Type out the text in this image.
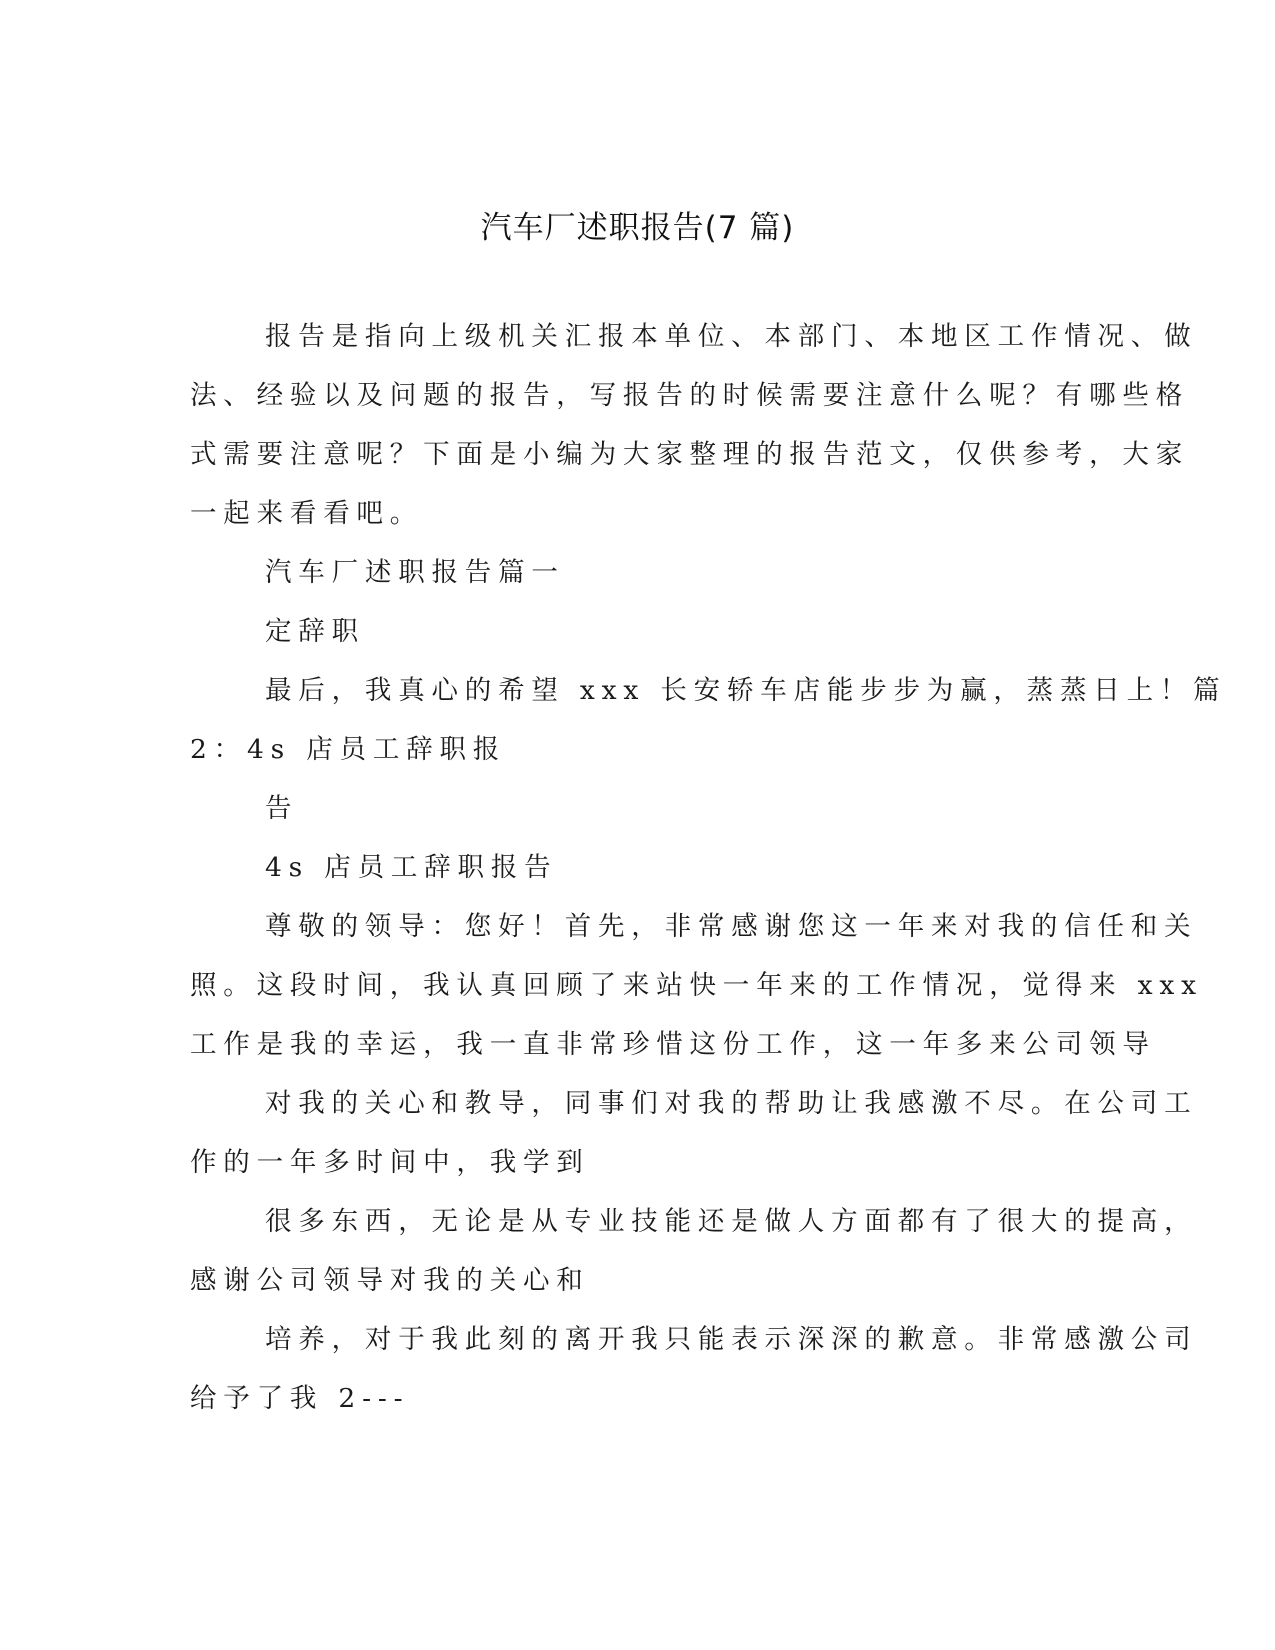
汽车厂述职报告(7 篇)
报告是指向上级机关汇报本单位、本部门、本地区工作情况、做
法、经验以及问题的报告，写报告的时候需要注意什么呢？有哪些格
式需要注意呢？下面是小编为大家整理的报告范文，仅供参考，大家
一起来看看吧。
汽车厂述职报告篇一
定辞职
最后，我真心的希望 xxx 长安轿车店能步步为赢，蒸蒸日上！篇
2：4s 店员工辞职报
告
4s 店员工辞职报告
尊敬的领导：您好！首先，非常感谢您这一年来对我的信任和关
照。这段时间，我认真回顾了来站快一年来的工作情况，觉得来 xxx
工作是我的幸运，我一直非常珍惜这份工作，这一年多来公司领导
对我的关心和教导，同事们对我的帮助让我感激不尽。在公司工
作的一年多时间中，我学到
很多东西，无论是从专业技能还是做人方面都有了很大的提高，
感谢公司领导对我的关心和
培养，对于我此刻的离开我只能表示深深的歉意。非常感激公司
给予了我 2---
